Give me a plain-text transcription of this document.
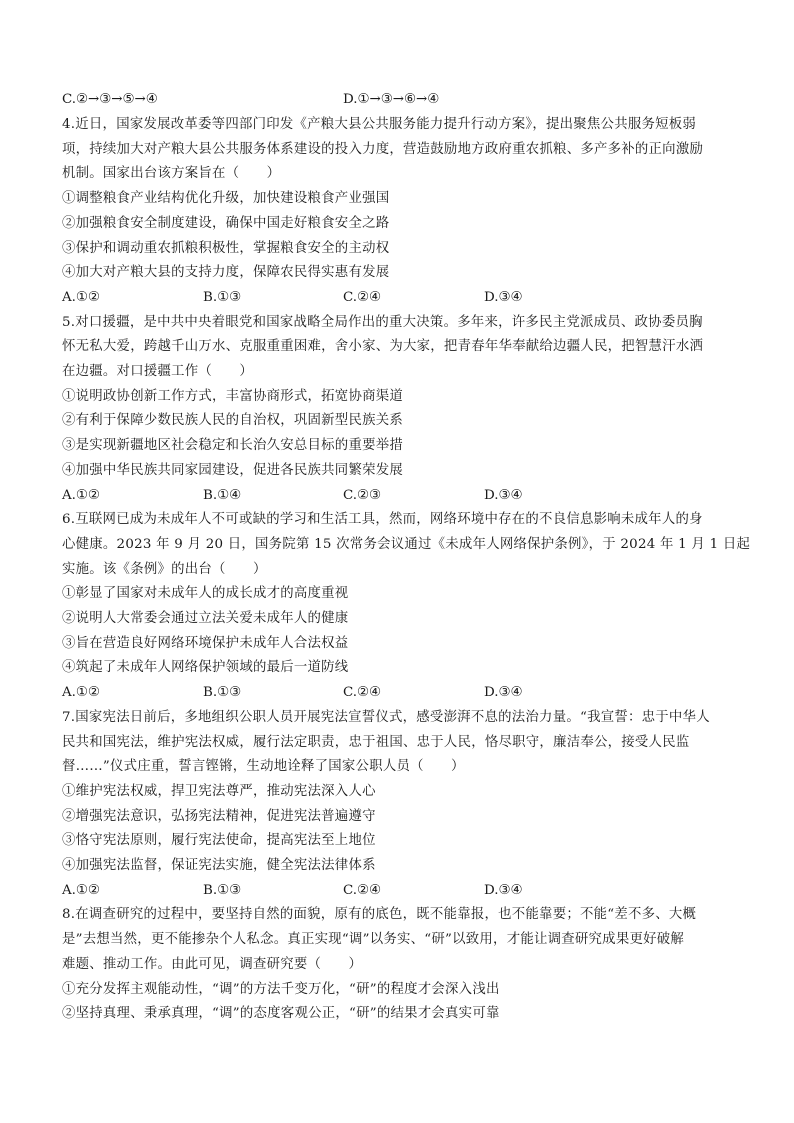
C.②→③→⑤→④	D.①→③→⑥→④
4.近日，国家发展改革委等四部门印发《产粮大县公共服务能力提升行动方案》，提出聚焦公共服务短板弱
项，持续加大对产粮大县公共服务体系建设的投入力度，营造鼓励地方政府重农抓粮、多产多补的正向激励
机制。国家出台该方案旨在（　　）
①调整粮食产业结构优化升级，加快建设粮食产业强国
②加强粮食安全制度建设，确保中国走好粮食安全之路
③保护和调动重农抓粮积极性，掌握粮食安全的主动权
④加大对产粮大县的支持力度，保障农民得实惠有发展
A.①②	B.①③	C.②④	D.③④
5.对口援疆，是中共中央着眼党和国家战略全局作出的重大决策。多年来，许多民主党派成员、政协委员胸
怀无私大爱，跨越千山万水、克服重重困难，舍小家、为大家，把青春年华奉献给边疆人民，把智慧汗水洒
在边疆。对口援疆工作（　　）
①说明政协创新工作方式，丰富协商形式，拓宽协商渠道
②有利于保障少数民族人民的自治权，巩固新型民族关系
③是实现新疆地区社会稳定和长治久安总目标的重要举措
④加强中华民族共同家园建设，促进各民族共同繁荣发展
A.①②	B.①④	C.②③	D.③④
6.互联网已成为未成年人不可或缺的学习和生活工具，然而，网络环境中存在的不良信息影响未成年人的身
心健康。2023 年 9 月 20 日，国务院第 15 次常务会议通过《未成年人网络保护条例》，于 2024 年 1 月 1 日起
实施。该《条例》的出台（　　）
①彰显了国家对未成年人的成长成才的高度重视
②说明人大常委会通过立法关爱未成年人的健康
③旨在营造良好网络环境保护未成年人合法权益
④筑起了未成年人网络保护领域的最后一道防线
A.①②	B.①③	C.②④	D.③④
7.国家宪法日前后，多地组织公职人员开展宪法宣誓仪式，感受澎湃不息的法治力量。“我宣誓：忠于中华人
民共和国宪法，维护宪法权威，履行法定职责，忠于祖国、忠于人民，恪尽职守，廉洁奉公，接受人民监
督……”仪式庄重，誓言铿锵，生动地诠释了国家公职人员（　　）
①维护宪法权威，捍卫宪法尊严，推动宪法深入人心
②增强宪法意识，弘扬宪法精神，促进宪法普遍遵守
③恪守宪法原则，履行宪法使命，提高宪法至上地位
④加强宪法监督，保证宪法实施，健全宪法法律体系
A.①②	B.①③	C.②④	D.③④
8.在调查研究的过程中，要坚持自然的面貌，原有的底色，既不能靠报，也不能靠要；不能“差不多、大概
是”去想当然，更不能掺杂个人私念。真正实现“调”以务实、“研”以致用，才能让调查研究成果更好破解
难题、推动工作。由此可见，调查研究要（　　）
①充分发挥主观能动性，“调”的方法千变万化，“研”的程度才会深入浅出
②坚持真理、秉承真理，“调”的态度客观公正，“研”的结果才会真实可靠
